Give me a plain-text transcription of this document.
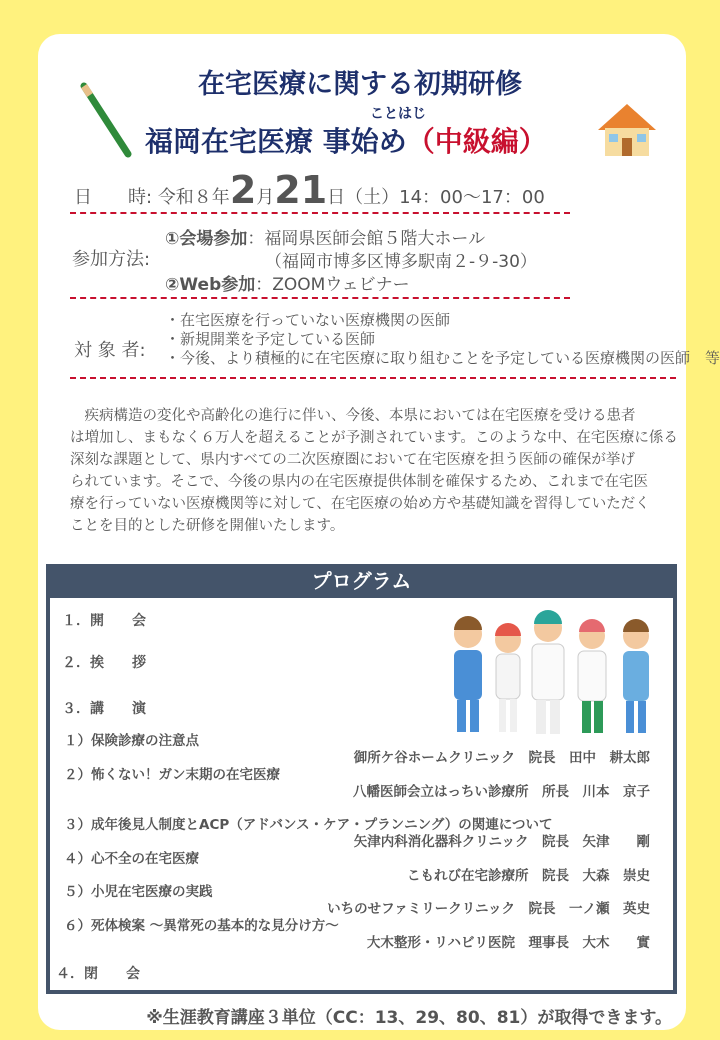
在宅医療に関する初期研修
ことはじ
福岡在宅医療 事始め（中級編）
日　　時: 令和８年2月21日（土）14：00～17：00
参加方法:
①会場参加：福岡県医師会館５階大ホール
（福岡市博多区博多駅南２-９-30）
②Web参加：ZOOMウェビナー
対 象 者:
・在宅医療を行っていない医療機関の医師
・新規開業を予定している医師
・今後、より積極的に在宅医療に取り組むことを予定している医療機関の医師　等
　疾病構造の変化や高齢化の進行に伴い、今後、本県においては在宅医療を受ける患者
は増加し、まもなく６万人を超えることが予測されています。このような中、在宅医療に係る
深刻な課題として、県内すべての二次医療圏において在宅医療を担う医師の確保が挙げ
られています。そこで、今後の県内の在宅医療提供体制を確保するため、これまで在宅医
療を行っていない医療機関等に対して、在宅医療の始め方や基礎知識を習得していただく
ことを目的とした研修を開催いたします。
プログラム
１．開　　会
２．挨　　拶
３．講　　演
１）保険診療の注意点
御所ケ谷ホームクリニック　院長　田中　耕太郎
２）怖くない！ガン末期の在宅医療
八幡医師会立はっちい診療所　所長　川本　京子
３）成年後見人制度とACP（アドバンス・ケア・プランニング）の関連について
矢津内科消化器科クリニック　院長　矢津　　剛
４）心不全の在宅医療
こもれび在宅診療所　院長　大森　崇史
５）小児在宅医療の実践
いちのせファミリークリニック　院長　一ノ瀬　英史
６）死体検案 ～異常死の基本的な見分け方～
大木整形・リハビリ医院　理事長　大木　　實
４．閉　　会
※生涯教育講座３単位（CC：13、29、80、81）が取得できます。
